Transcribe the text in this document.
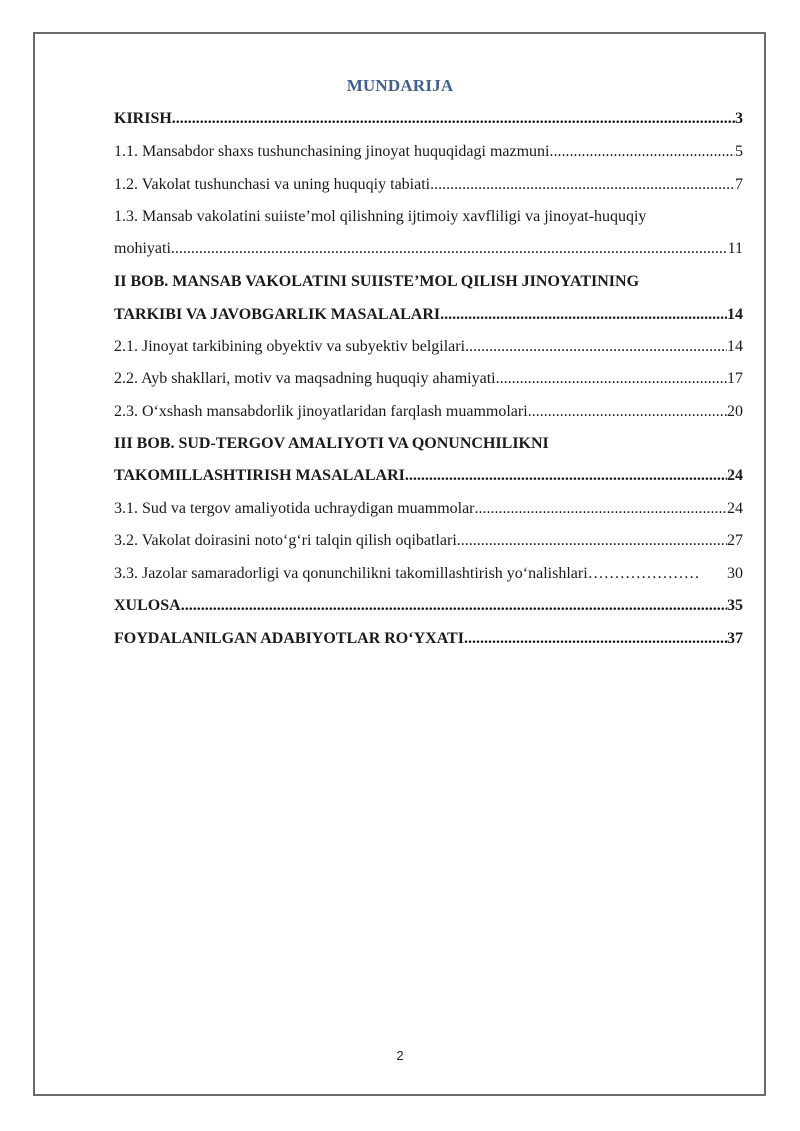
MUNDARIJA
KIRISH .....	3
1.1. Mansabdor shaxs tushunchasining jinoyat huquqidagi mazmuni .....	5
1.2. Vakolat tushunchasi va uning huquqiy tabiati .....	7
1.3. Mansab vakolatini suiiste’mol qilishning ijtimoiy xavfliligi va jinoyat-huquqiy
mohiyati .....	11
II BOB. MANSAB VAKOLATINI SUIISTE’MOL QILISH JINOYATINING
TARKIBI VA JAVOBGARLIK MASALALARI .....	14
2.1. Jinoyat tarkibining obyektiv va subyektiv belgilari .....	14
2.2. Ayb shakllari, motiv va maqsadning huquqiy ahamiyati .....	17
2.3. O‘xshash mansabdorlik jinoyatlaridan farqlash muammolari .....	20
III BOB. SUD-TERGOV AMALIYOTI VA QONUNCHILIKNI
TAKOMILLASHTIRISH MASALALARI .....	24
3.1. Sud va tergov amaliyotida uchraydigan muammolar .....	24
3.2. Vakolat doirasini noto‘g‘ri talqin qilish oqibatlari .....	27
3.3. Jazolar samaradorligi va qonunchilikni takomillashtirish yo‘nalishlari …………………	30
XULOSA .....	35
FOYDALANILGAN ADABIYOTLAR RO‘YXATI .....	37
2
